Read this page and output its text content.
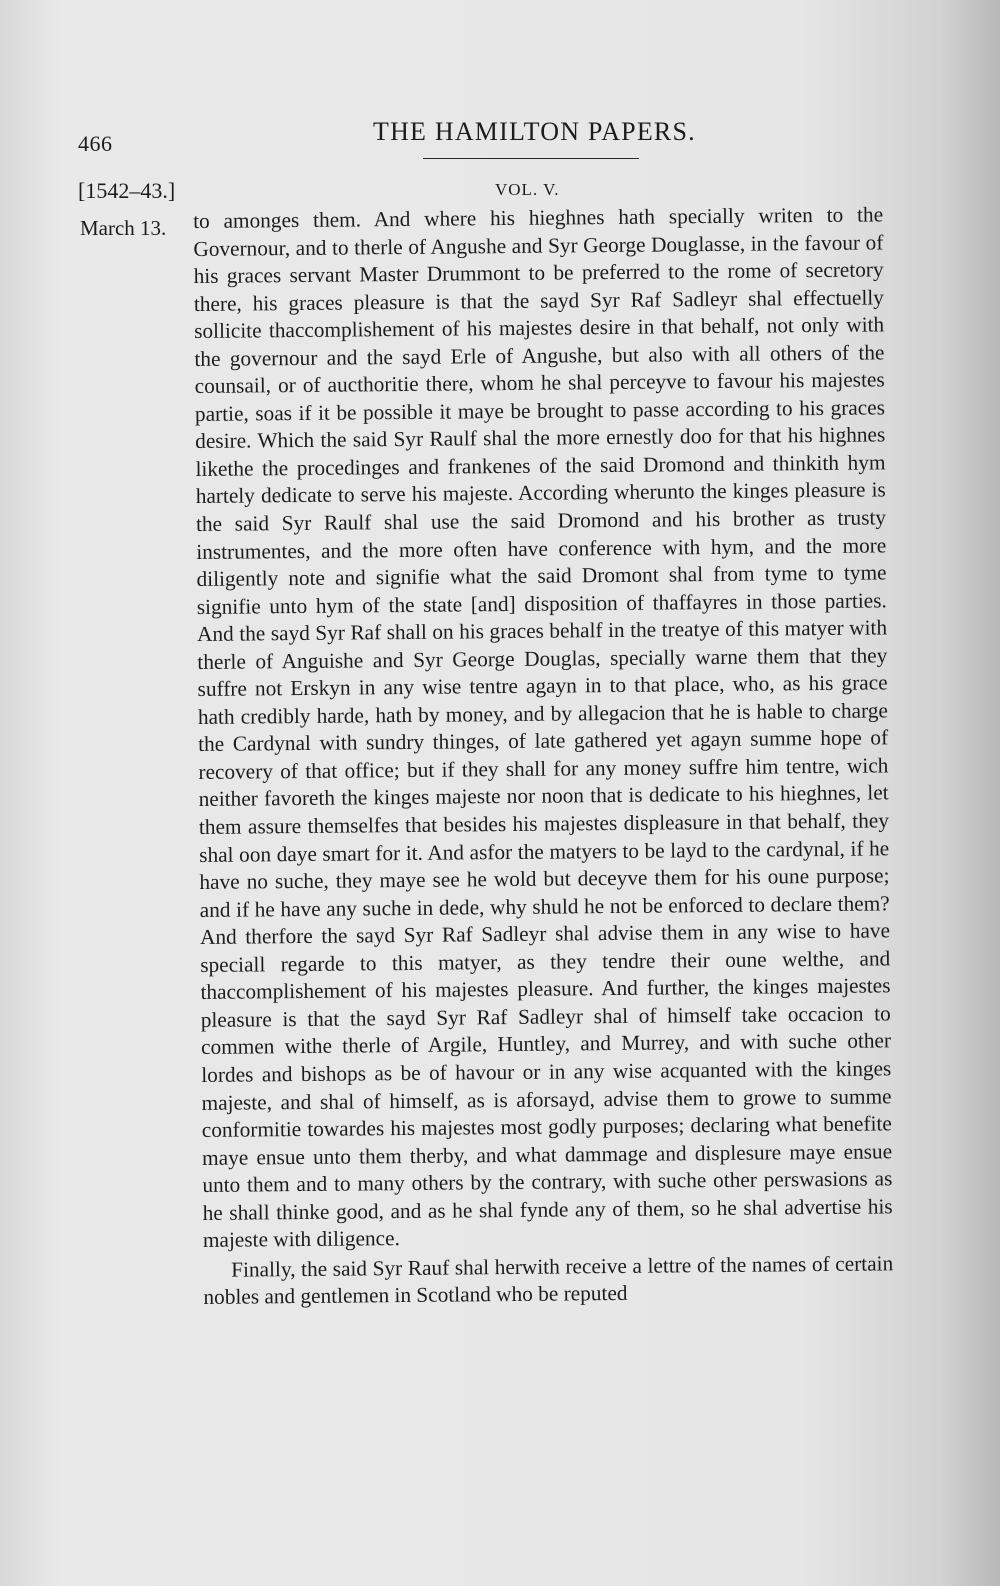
466	THE HAMILTON PAPERS.
[1542–43.]	VOL. V.
March 13. to amonges them. And where his hieghnes hath specially writen to the Governour, and to therle of Angushe and Syr George Douglasse, in the favour of his graces servant Master Drummont to be preferred to the rome of secretory there, his graces pleasure is that the sayd Syr Raf Sadleyr shal effectuelly sollicite thaccomplishement of his majestes desire in that behalf, not only with the governour and the sayd Erle of Angushe, but also with all others of the counsail, or of aucthoritie there, whom he shal perceyve to favour his majestes partie, soas if it be possible it maye be brought to passe according to his graces desire. Which the said Syr Raulf shal the more ernestly doo for that his highnes likethe the procedinges and frankenes of the said Dromond and thinkith hym hartely dedicate to serve his majeste. According wherunto the kinges pleasure is the said Syr Raulf shal use the said Dromond and his brother as trusty instrumentes, and the more often have conference with hym, and the more diligently note and signifie what the said Dromont shal from tyme to tyme signifie unto hym of the state [and] disposition of thaffayres in those parties. And the sayd Syr Raf shall on his graces behalf in the treatye of this matyer with therle of Anguishe and Syr George Douglas, specially warne them that they suffre not Erskyn in any wise tentre agayn in to that place, who, as his grace hath credibly harde, hath by money, and by allegacion that he is hable to charge the Cardynal with sundry thinges, of late gathered yet agayn summe hope of recovery of that office; but if they shall for any money suffre him tentre, wich neither favoreth the kinges majeste nor noon that is dedicate to his hieghnes, let them assure themselfes that besides his majestes displeasure in that behalf, they shal oon daye smart for it. And asfor the matyers to be layd to the cardynal, if he have no suche, they maye see he wold but deceyve them for his oune purpose; and if he have any suche in dede, why shuld he not be enforced to declare them? And therfore the sayd Syr Raf Sadleyr shal advise them in any wise to have speciall regarde to this matyer, as they tendre their oune welthe, and thaccomplishement of his majestes pleasure. And further, the kinges majestes pleasure is that the sayd Syr Raf Sadleyr shal of himself take occacion to commen withe therle of Argile, Huntley, and Murrey, and with suche other lordes and bishops as be of havour or in any wise acquanted with the kinges majeste, and shal of himself, as is aforsayd, advise them to growe to summe conformitie towardes his majestes most godly purposes; declaring what benefite maye ensue unto them therby, and what dammage and displesure maye ensue unto them and to many others by the contrary, with suche other perswasions as he shall thinke good, and as he shal fynde any of them, so he shal advertise his majeste with diligence.

Finally, the said Syr Rauf shal herwith receive a lettre of the names of certain nobles and gentlemen in Scotland who be reputed
